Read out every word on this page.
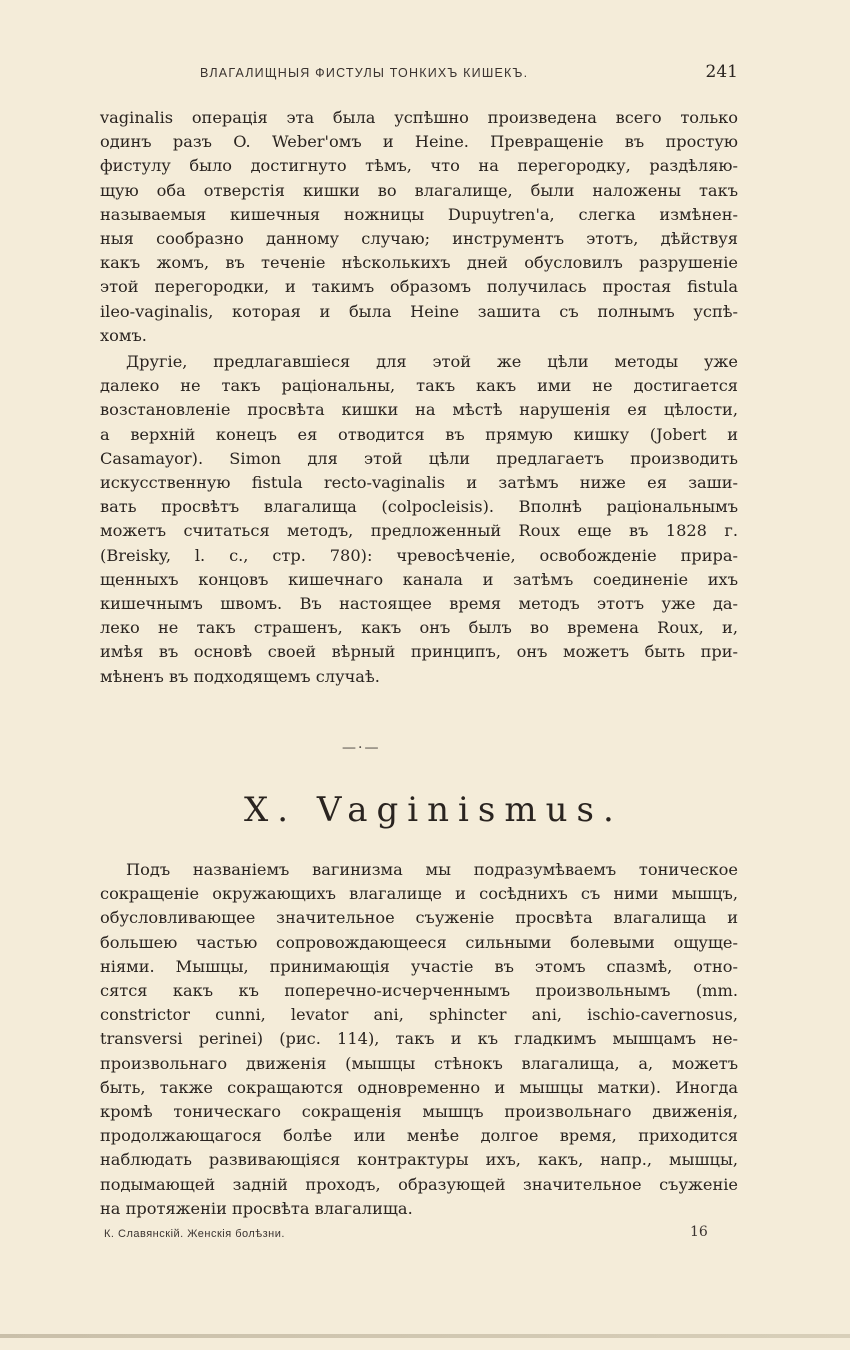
ВЛАГАЛИЩНЫЯ ФИСТУЛЫ ТОНКИХЪ КИШЕКЪ.	241
vaginalis операція эта была успѣшно произведена всего только
одинъ разъ O. Weber'омъ и Heine. Превращеніе въ простую
фистулу было достигнуто тѣмъ, что на перегородку, раздѣляю-
щую оба отверстія кишки во влагалище, были наложены такъ
называемыя кишечныя ножницы Dupuytren'а, слегка измѣнен-
ныя сообразно данному случаю; инструментъ этотъ, дѣйствуя
какъ жомъ, въ теченіе нѣсколькихъ дней обусловилъ разрушеніе
этой перегородки, и такимъ образомъ получилась простая fistula
ileo-vaginalis, которая и была Heine зашита съ полнымъ успѣ-
хомъ.
Другіе, предлагавшіеся для этой же цѣли методы уже
далеко не такъ раціональны, такъ какъ ими не достигается
возстановленіе просвѣта кишки на мѣстѣ нарушенія ея цѣлости,
а верхній конецъ ея отводится въ прямую кишку (Jobert и
Casamayor). Simon для этой цѣли предлагаетъ производить
искусственную fistula recto-vaginalis и затѣмъ ниже ея заши-
вать просвѣтъ влагалища (colpocleisis). Вполнѣ раціональнымъ
можетъ считаться методъ, предложенный Roux еще въ 1828 г.
(Breisky, l. c., стр. 780): чревосѣченіе, освобожденіе прира-
щенныхъ концовъ кишечнаго канала и затѣмъ соединеніе ихъ
кишечнымъ швомъ. Въ настоящее время методъ этотъ уже да-
леко не такъ страшенъ, какъ онъ былъ во времена Roux, и,
имѣя въ основѣ своей вѣрный принципъ, онъ можетъ быть при-
мѣненъ въ подходящемъ случаѣ.
—·—
X. Vaginismus.
Подъ названіемъ вагинизма мы подразумѣваемъ тоническое
сокращеніе окружающихъ влагалище и сосѣднихъ съ ними мышцъ,
обусловливающее значительное съуженіе просвѣта влагалища и
большею частью сопровождающееся сильными болевыми ощуще-
ніями. Мышцы, принимающія участіе въ этомъ спазмѣ, отно-
сятся какъ къ поперечно-исчерченнымъ произвольнымъ (mm.
constrictor cunni, levator ani, sphincter ani, ischio-cavernosus,
transversi perinei) (рис. 114), такъ и къ гладкимъ мышцамъ не-
произвольнаго движенія (мышцы стѣнокъ влагалища, а, можетъ
быть, также сокращаются одновременно и мышцы матки). Иногда
кромѣ тоническаго сокращенія мышцъ произвольнаго движенія,
продолжающагося болѣе или менѣе долгое время, приходится
наблюдать развивающіяся контрактуры ихъ, какъ, напр., мышцы,
подымающей задній проходъ, образующей значительное съуженіе
на протяженіи просвѣта влагалища.
К. Славянскій. Женскія болѣзни.	16
